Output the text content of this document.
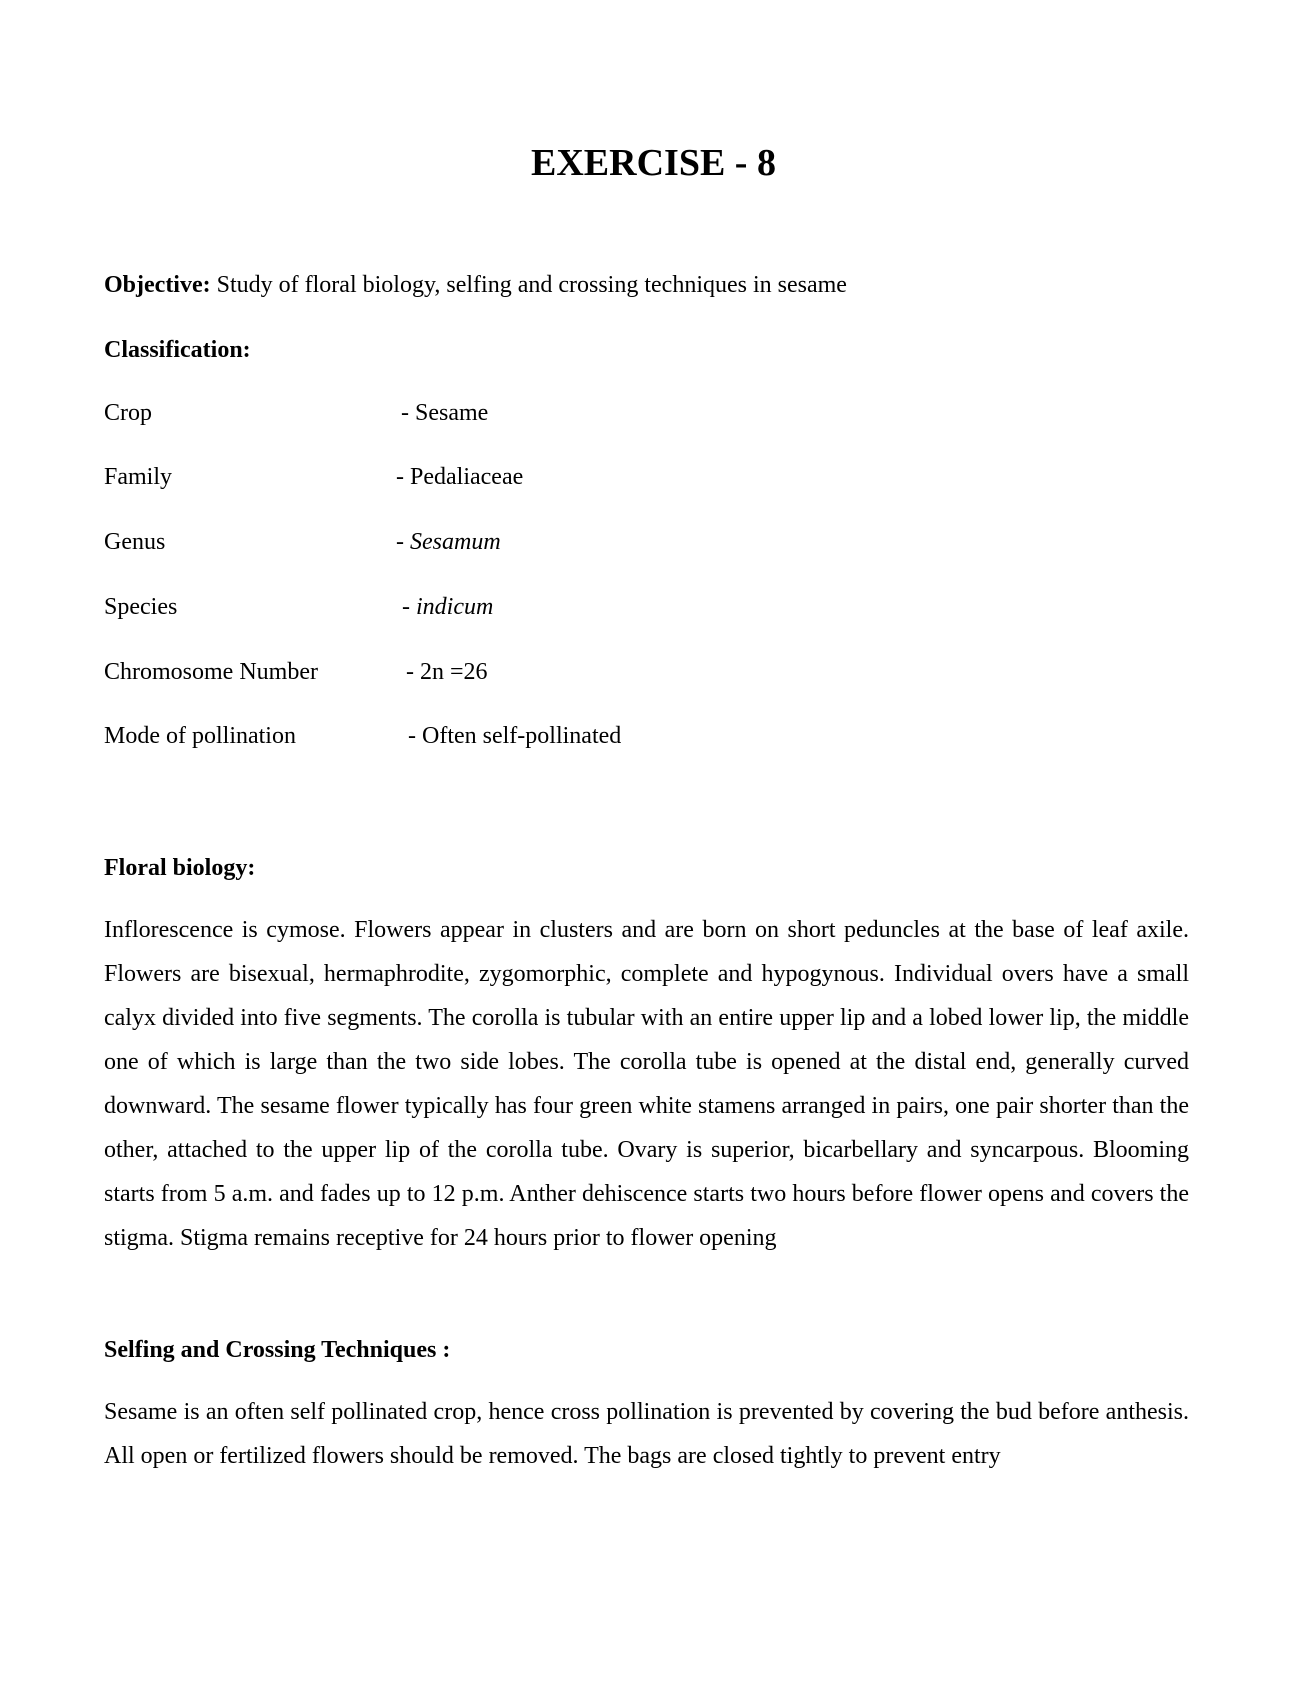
EXERCISE - 8

Objective: Study of floral biology, selfing and crossing techniques in sesame

Classification:
Crop	- Sesame
Family	- Pedaliaceae
Genus	- Sesamum
Species	- indicum
Chromosome Number	- 2n =26
Mode of pollination	- Often self-pollinated
Floral biology:

Inflorescence is cymose. Flowers appear in clusters and are born on short peduncles at the base of leaf axile. Flowers are bisexual, hermaphrodite, zygomorphic, complete and hypogynous. Individual overs have a small calyx divided into five segments. The corolla is tubular with an entire upper lip and a lobed lower lip, the middle one of which is large than the two side lobes. The corolla tube is opened at the distal end, generally curved downward. The sesame flower typically has four green white stamens arranged in pairs, one pair shorter than the other, attached to the upper lip of the corolla tube. Ovary is superior, bicarbellary and syncarpous. Blooming starts from 5 a.m. and fades up to 12 p.m. Anther dehiscence starts two hours before flower opens and covers the stigma. Stigma remains receptive for 24 hours prior to flower opening

Selfing and Crossing Techniques :

Sesame is an often self pollinated crop, hence cross pollination is prevented by covering the bud before anthesis. All open or fertilized flowers should be removed. The bags are closed tightly to prevent entry
